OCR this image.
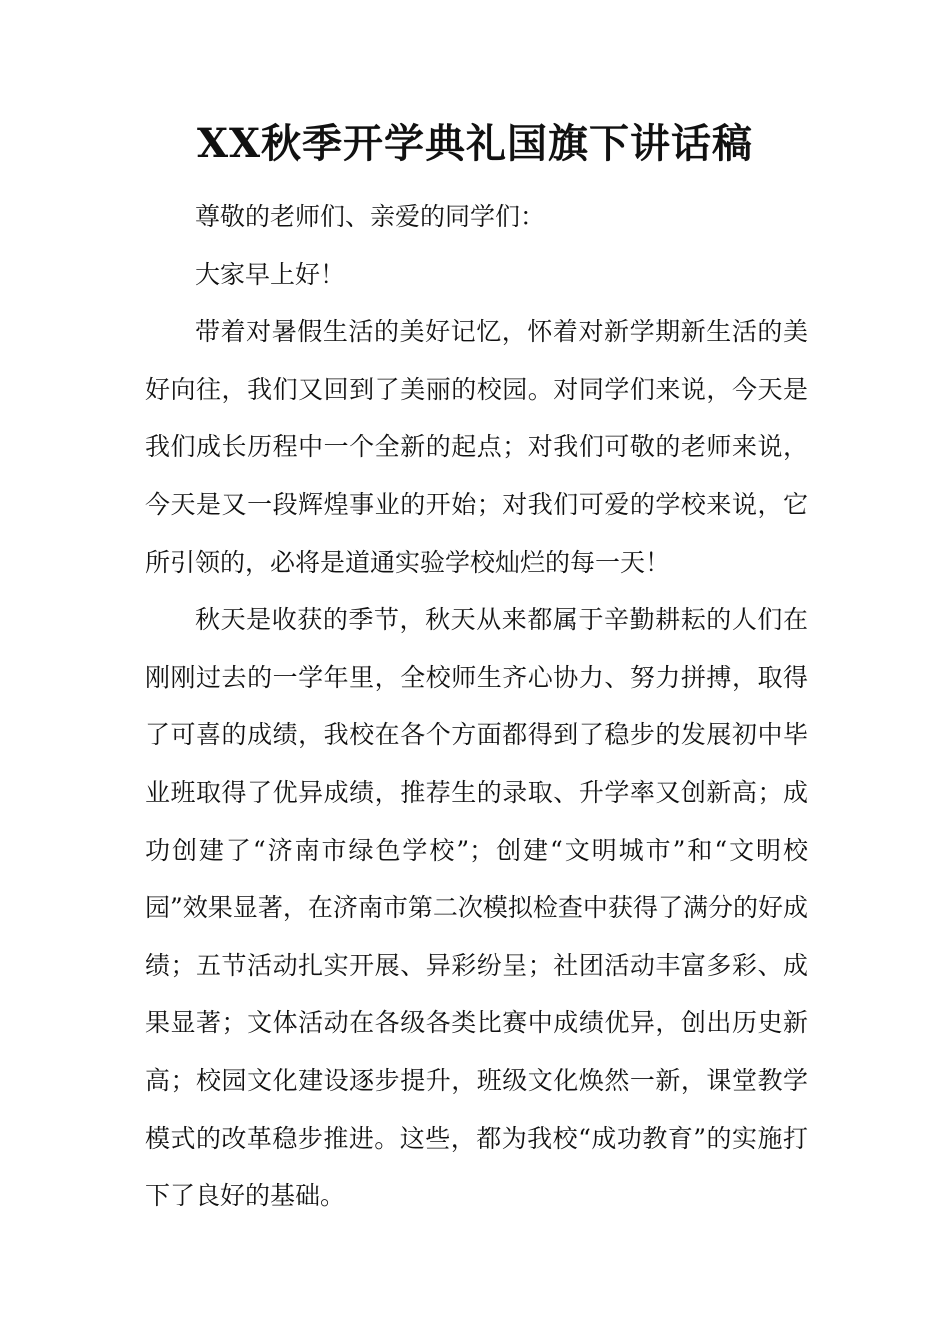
XX秋季开学典礼国旗下讲话稿

尊敬的老师们、亲爱的同学们：

大家早上好！

带着对暑假生活的美好记忆，怀着对新学期新生活的美好向往，我们又回到了美丽的校园。对同学们来说，今天是我们成长历程中一个全新的起点；对我们可敬的老师来说，今天是又一段辉煌事业的开始；对我们可爱的学校来说，它所引领的，必将是道通实验学校灿烂的每一天！

秋天是收获的季节，秋天从来都属于辛勤耕耘的人们在刚刚过去的一学年里，全校师生齐心协力、努力拼搏，取得了可喜的成绩，我校在各个方面都得到了稳步的发展初中毕业班取得了优异成绩，推荐生的录取、升学率又创新高；成功创建了“济南市绿色学校”；创建“文明城市”和“文明校园”效果显著，在济南市第二次模拟检查中获得了满分的好成绩；五节活动扎实开展、异彩纷呈；社团活动丰富多彩、成果显著；文体活动在各级各类比赛中成绩优异，创出历史新高；校园文化建设逐步提升，班级文化焕然一新，课堂教学模式的改革稳步推进。这些，都为我校“成功教育”的实施打下了良好的基础。
